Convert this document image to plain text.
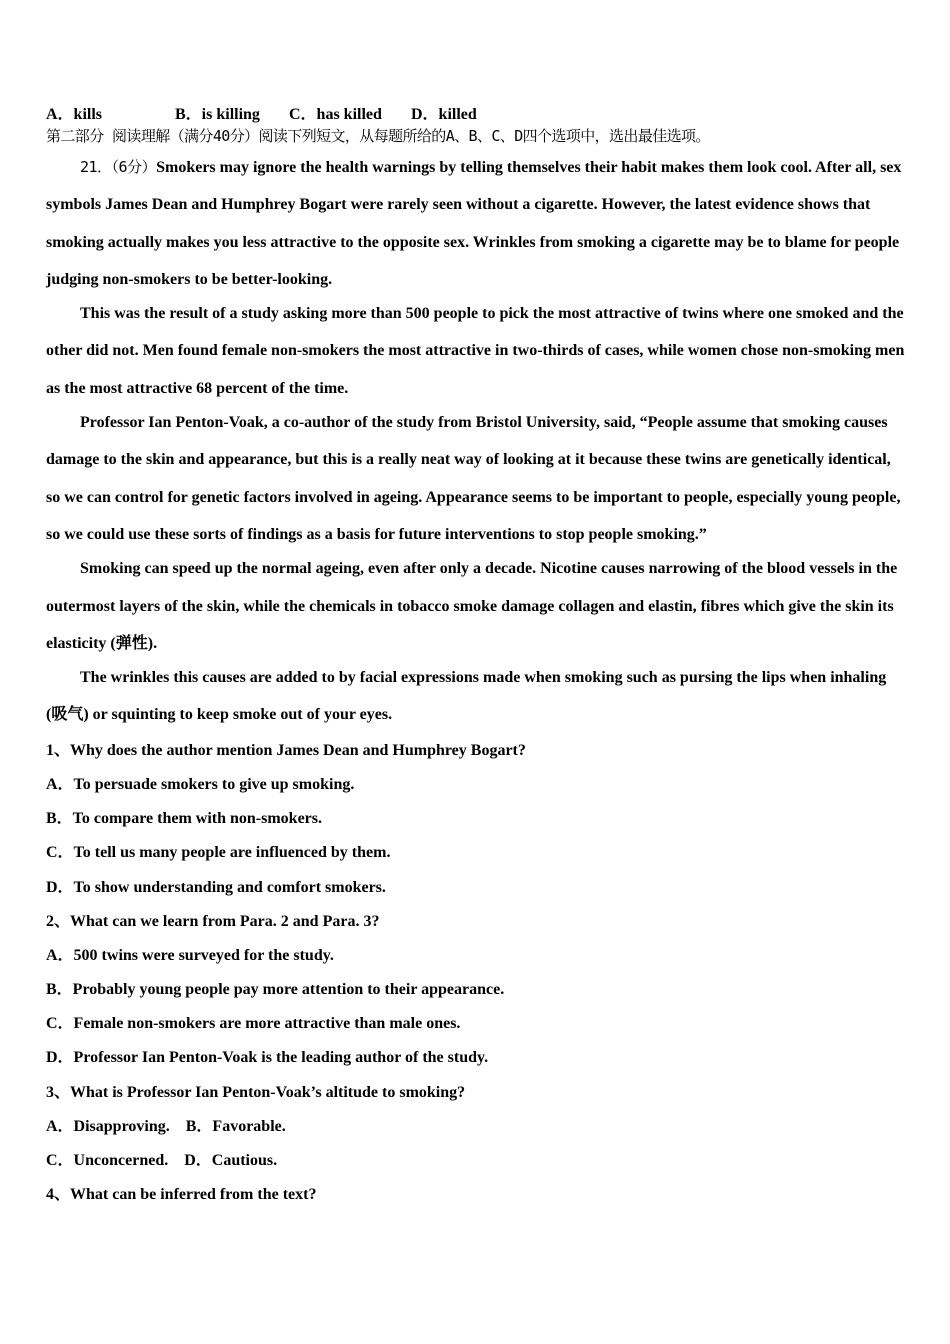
A．kills	B．is killing	C．has killed	D．killed
第二部分 阅读理解（满分40分）阅读下列短文，从每题所给的A、B、C、D四个选项中，选出最佳选项。

21．（6分）Smokers may ignore the health warnings by telling themselves their habit makes them look cool. After all, sex symbols James Dean and Humphrey Bogart were rarely seen without a cigarette. However, the latest evidence shows that smoking actually makes you less attractive to the opposite sex. Wrinkles from smoking a cigarette may be to blame for people judging non-smokers to be better-looking.

This was the result of a study asking more than 500 people to pick the most attractive of twins where one smoked and the other did not. Men found female non-smokers the most attractive in two-thirds of cases, while women chose non-smoking men as the most attractive 68 percent of the time.

Professor Ian Penton-Voak, a co-author of the study from Bristol University, said, “People assume that smoking causes damage to the skin and appearance, but this is a really neat way of looking at it because these twins are genetically identical, so we can control for genetic factors involved in ageing. Appearance seems to be important to people, especially young people, so we could use these sorts of findings as a basis for future interventions to stop people smoking.”

Smoking can speed up the normal ageing, even after only a decade. Nicotine causes narrowing of the blood vessels in the outermost layers of the skin, while the chemicals in tobacco smoke damage collagen and elastin, fibres which give the skin its elasticity (弹性).

The wrinkles this causes are added to by facial expressions made when smoking such as pursing the lips when inhaling (吸气) or squinting to keep smoke out of your eyes.

1、Why does the author mention James Dean and Humphrey Bogart?
A．To persuade smokers to give up smoking.
B．To compare them with non-smokers.
C．To tell us many people are influenced by them.
D．To show understanding and comfort smokers.
2、What can we learn from Para. 2 and Para. 3?
A．500 twins were surveyed for the study.
B．Probably young people pay more attention to their appearance.
C．Female non-smokers are more attractive than male ones.
D．Professor Ian Penton-Voak is the leading author of the study.
3、What is Professor Ian Penton-Voak’s altitude to smoking?
A．Disapproving. B．Favorable.
C．Unconcerned. D．Cautious.
4、What can be inferred from the text?
